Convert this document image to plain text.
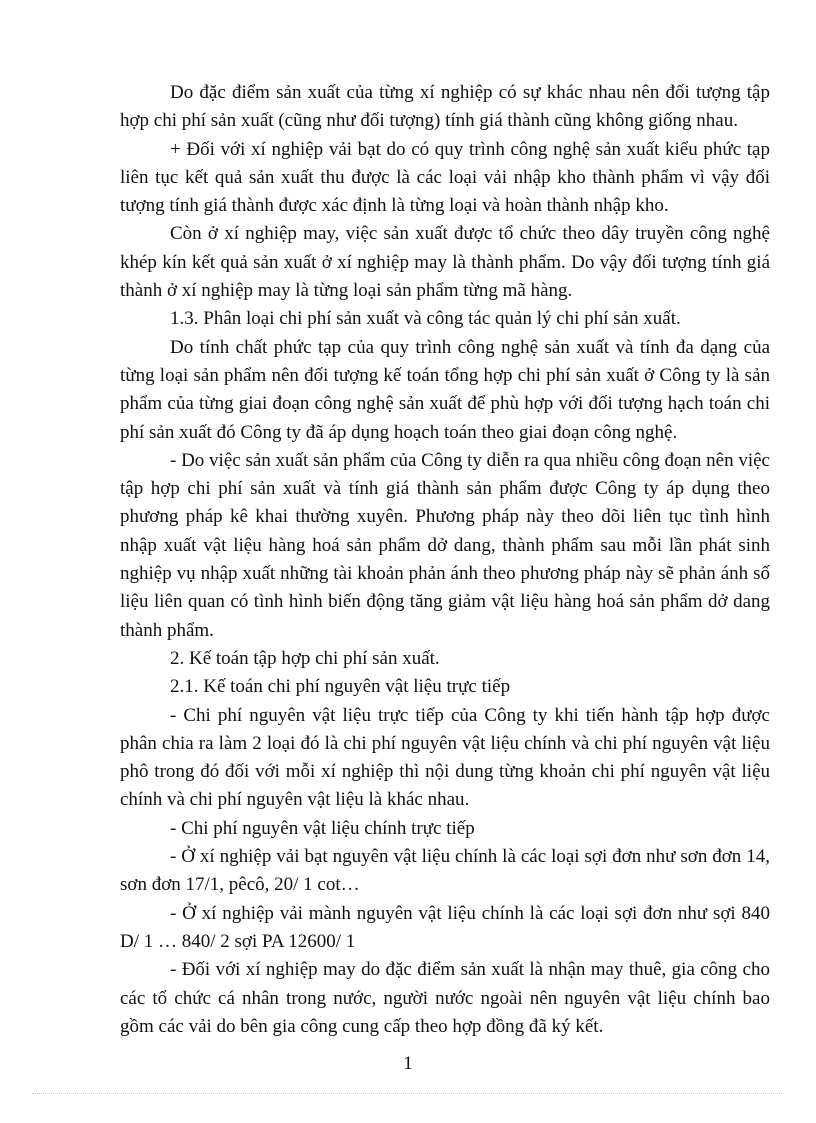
Do đặc điểm sản xuất của từng xí nghiệp có sự khác nhau nên đối tượng tập hợp chi phí sản xuất (cũng như đối tượng) tính giá thành cũng không giống nhau.

+ Đối với xí nghiệp vải bạt do có quy trình công nghệ sản xuất kiểu phức tạp liên tục kết quả sản xuất thu được là các loại vải nhập kho thành phẩm vì vậy đối tượng tính giá thành được xác định là từng loại và hoàn thành nhập kho.

Còn ở xí nghiệp may, việc sản xuất được tổ chức theo dây truyền công nghệ khép kín kết quả sản xuất ở xí nghiệp may là thành phẩm. Do vậy đối tượng tính giá thành ở xí nghiệp may là từng loại sản phẩm từng mã hàng.

1.3. Phân loại chi phí sản xuất và công tác quản lý chi phí sản xuất.

Do tính chất phức tạp của quy trình công nghệ sản xuất và tính đa dạng của từng loại sản phẩm nên đối tượng kế toán tổng hợp chi phí sản xuất ở Công ty là sản phẩm của từng giai đoạn công nghệ sản xuất để phù hợp với đối tượng hạch toán chi phí sản xuất đó Công ty đã áp dụng hoạch toán theo giai đoạn công nghệ.

- Do việc sản xuất sản phẩm của Công ty diễn ra qua nhiều công đoạn nên việc tập hợp chi phí sản xuất và tính giá thành sản phẩm được Công ty áp dụng theo phương pháp kê khai thường xuyên. Phương pháp này theo dõi liên tục tình hình nhập xuất vật liệu hàng hoá sản phẩm dở dang, thành phẩm sau mỗi lần phát sinh nghiệp vụ nhập xuất những tài khoản phản ánh theo phương pháp này sẽ phản ánh số liệu liên quan có tình hình biến động tăng giảm vật liệu hàng hoá sản phẩm dở dang thành phẩm.

2. Kế toán tập hợp chi phí sản xuất.

2.1. Kế toán chi phí nguyên vật liệu trực tiếp

- Chi phí nguyên vật liệu trực tiếp của Công ty khi tiến hành tập hợp được phân chia ra làm 2 loại đó là chi phí nguyên vật liệu chính và chi phí nguyên vật liệu phô trong đó đối với mỗi xí nghiệp thì nội dung từng khoản chi phí nguyên vật liệu chính và chi phí nguyên vật liệu là khác nhau.

- Chi phí nguyên vật liệu chính trực tiếp

- Ở xí nghiệp vải bạt nguyên vật liệu chính là các loại sợi đơn như sơn đơn 14, sơn đơn 17/1, pêcô, 20/ 1 cot…

- Ở xí nghiệp vải mành nguyên vật liệu chính là các loại sợi đơn như sợi 840 D/ 1 … 840/ 2 sợi PA 12600/ 1

- Đối với xí nghiệp may do đặc điểm sản xuất là nhận may thuê, gia công cho các tổ chức cá nhân trong nước, người nước ngoài nên nguyên vật liệu chính bao gồm các vải do bên gia công cung cấp theo hợp đồng đã ký kết.

1
